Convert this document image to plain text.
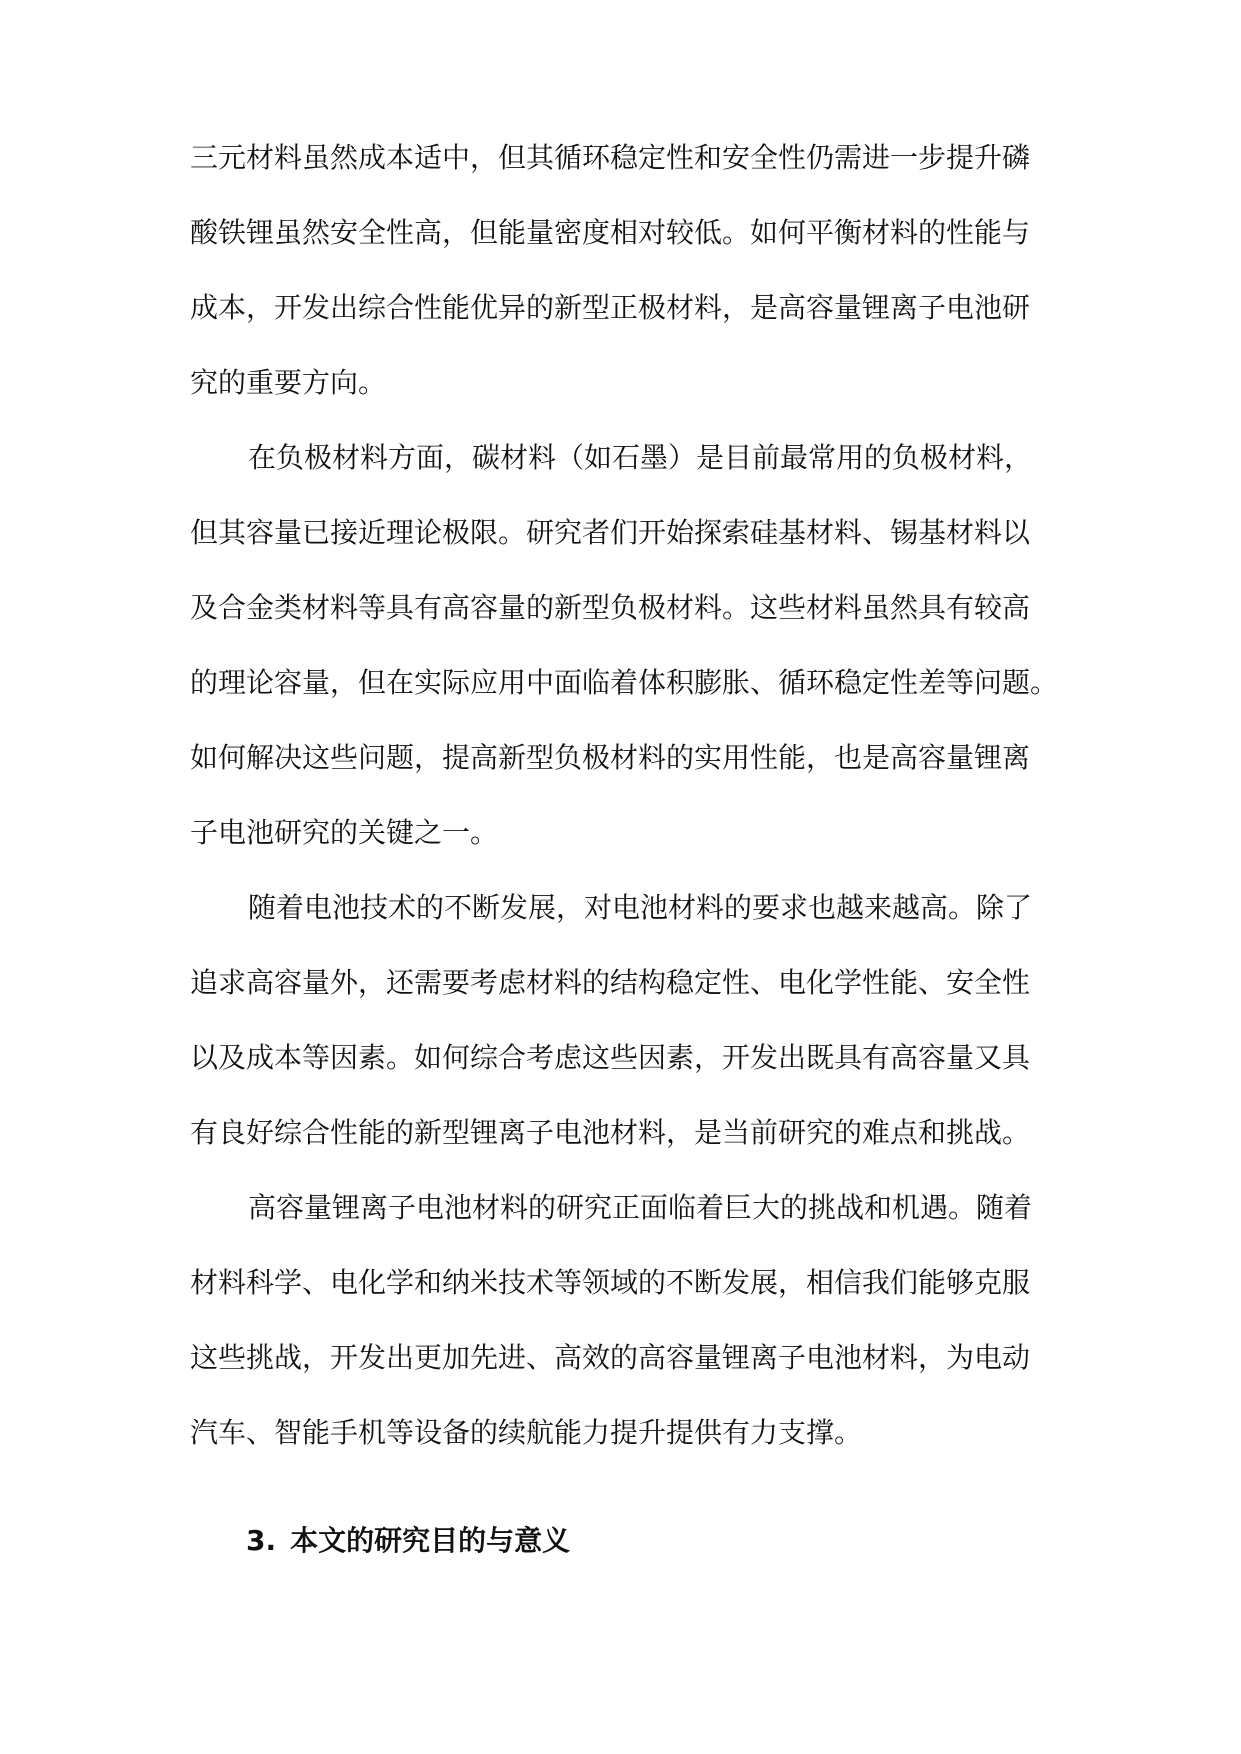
三元材料虽然成本适中，但其循环稳定性和安全性仍需进一步提升磷
酸铁锂虽然安全性高，但能量密度相对较低。如何平衡材料的性能与
成本，开发出综合性能优异的新型正极材料，是高容量锂离子电池研
究的重要方向。
在负极材料方面，碳材料（如石墨）是目前最常用的负极材料，
但其容量已接近理论极限。研究者们开始探索硅基材料、锡基材料以
及合金类材料等具有高容量的新型负极材料。这些材料虽然具有较高
的理论容量，但在实际应用中面临着体积膨胀、循环稳定性差等问题。
如何解决这些问题，提高新型负极材料的实用性能，也是高容量锂离
子电池研究的关键之一。
随着电池技术的不断发展，对电池材料的要求也越来越高。除了
追求高容量外，还需要考虑材料的结构稳定性、电化学性能、安全性
以及成本等因素。如何综合考虑这些因素，开发出既具有高容量又具
有良好综合性能的新型锂离子电池材料，是当前研究的难点和挑战。
高容量锂离子电池材料的研究正面临着巨大的挑战和机遇。随着
材料科学、电化学和纳米技术等领域的不断发展，相信我们能够克服
这些挑战，开发出更加先进、高效的高容量锂离子电池材料，为电动
汽车、智能手机等设备的续航能力提升提供有力支撑。
3. 本文的研究目的与意义
